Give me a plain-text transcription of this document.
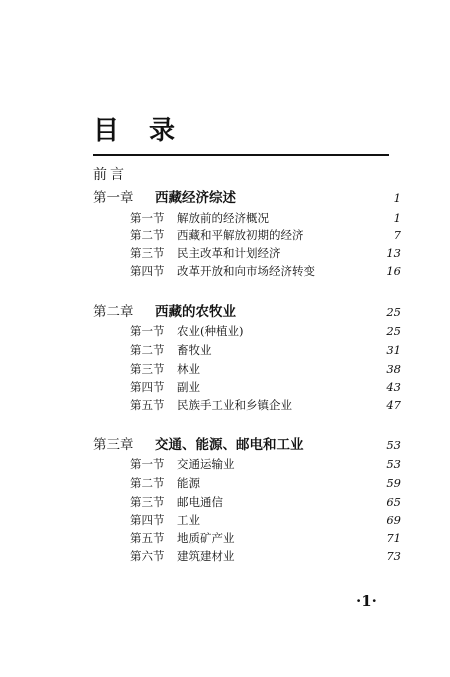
目 录
前言
第一章 西藏经济综述	1
第一节 解放前的经济概况	1
第二节 西藏和平解放初期的经济	7
第三节 民主改革和计划经济	13
第四节 改革开放和向市场经济转变	16
第二章 西藏的农牧业	25
第一节 农业(种植业)	25
第二节 畜牧业	31
第三节 林业	38
第四节 副业	43
第五节 民族手工业和乡镇企业	47
第三章 交通、能源、邮电和工业	53
第一节 交通运输业	53
第二节 能源	59
第三节 邮电通信	65
第四节 工业	69
第五节 地质矿产业	71
第六节 建筑建材业	73
·1·
